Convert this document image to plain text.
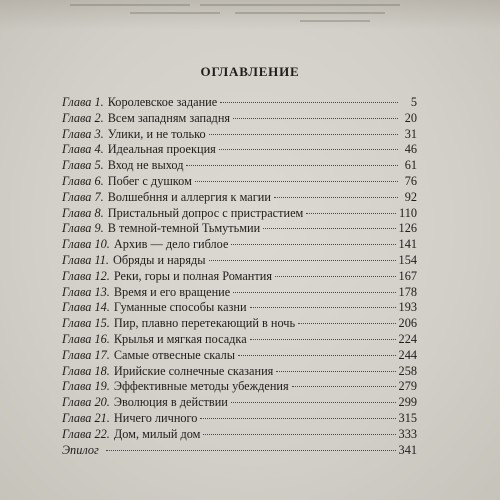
ОГЛАВЛЕНИЕ
Глава 1. Королевское задание	5
Глава 2. Всем западням западня	20
Глава 3. Улики, и не только	31
Глава 4. Идеальная проекция	46
Глава 5. Вход не выход	61
Глава 6. Побег с душком	76
Глава 7. Волшебння и аллергия к магии	92
Глава 8. Пристальный допрос с пристрастием	110
Глава 9. В темной-темной Тьмутьмии	126
Глава 10. Архив — дело гиблое	141
Глава 11. Обряды и наряды	154
Глава 12. Реки, горы и полная Романтия	167
Глава 13. Время и его вращение	178
Глава 14. Гуманные способы казни	193
Глава 15. Пир, плавно перетекающий в ночь	206
Глава 16. Крылья и мягкая посадка	224
Глава 17. Самые отвесные скалы	244
Глава 18. Ирийские солнечные сказания	258
Глава 19. Эффективные методы убеждения	279
Глава 20. Эволюция в действии	299
Глава 21. Ничего личного	315
Глава 22. Дом, милый дом	333
Эпилог	341
